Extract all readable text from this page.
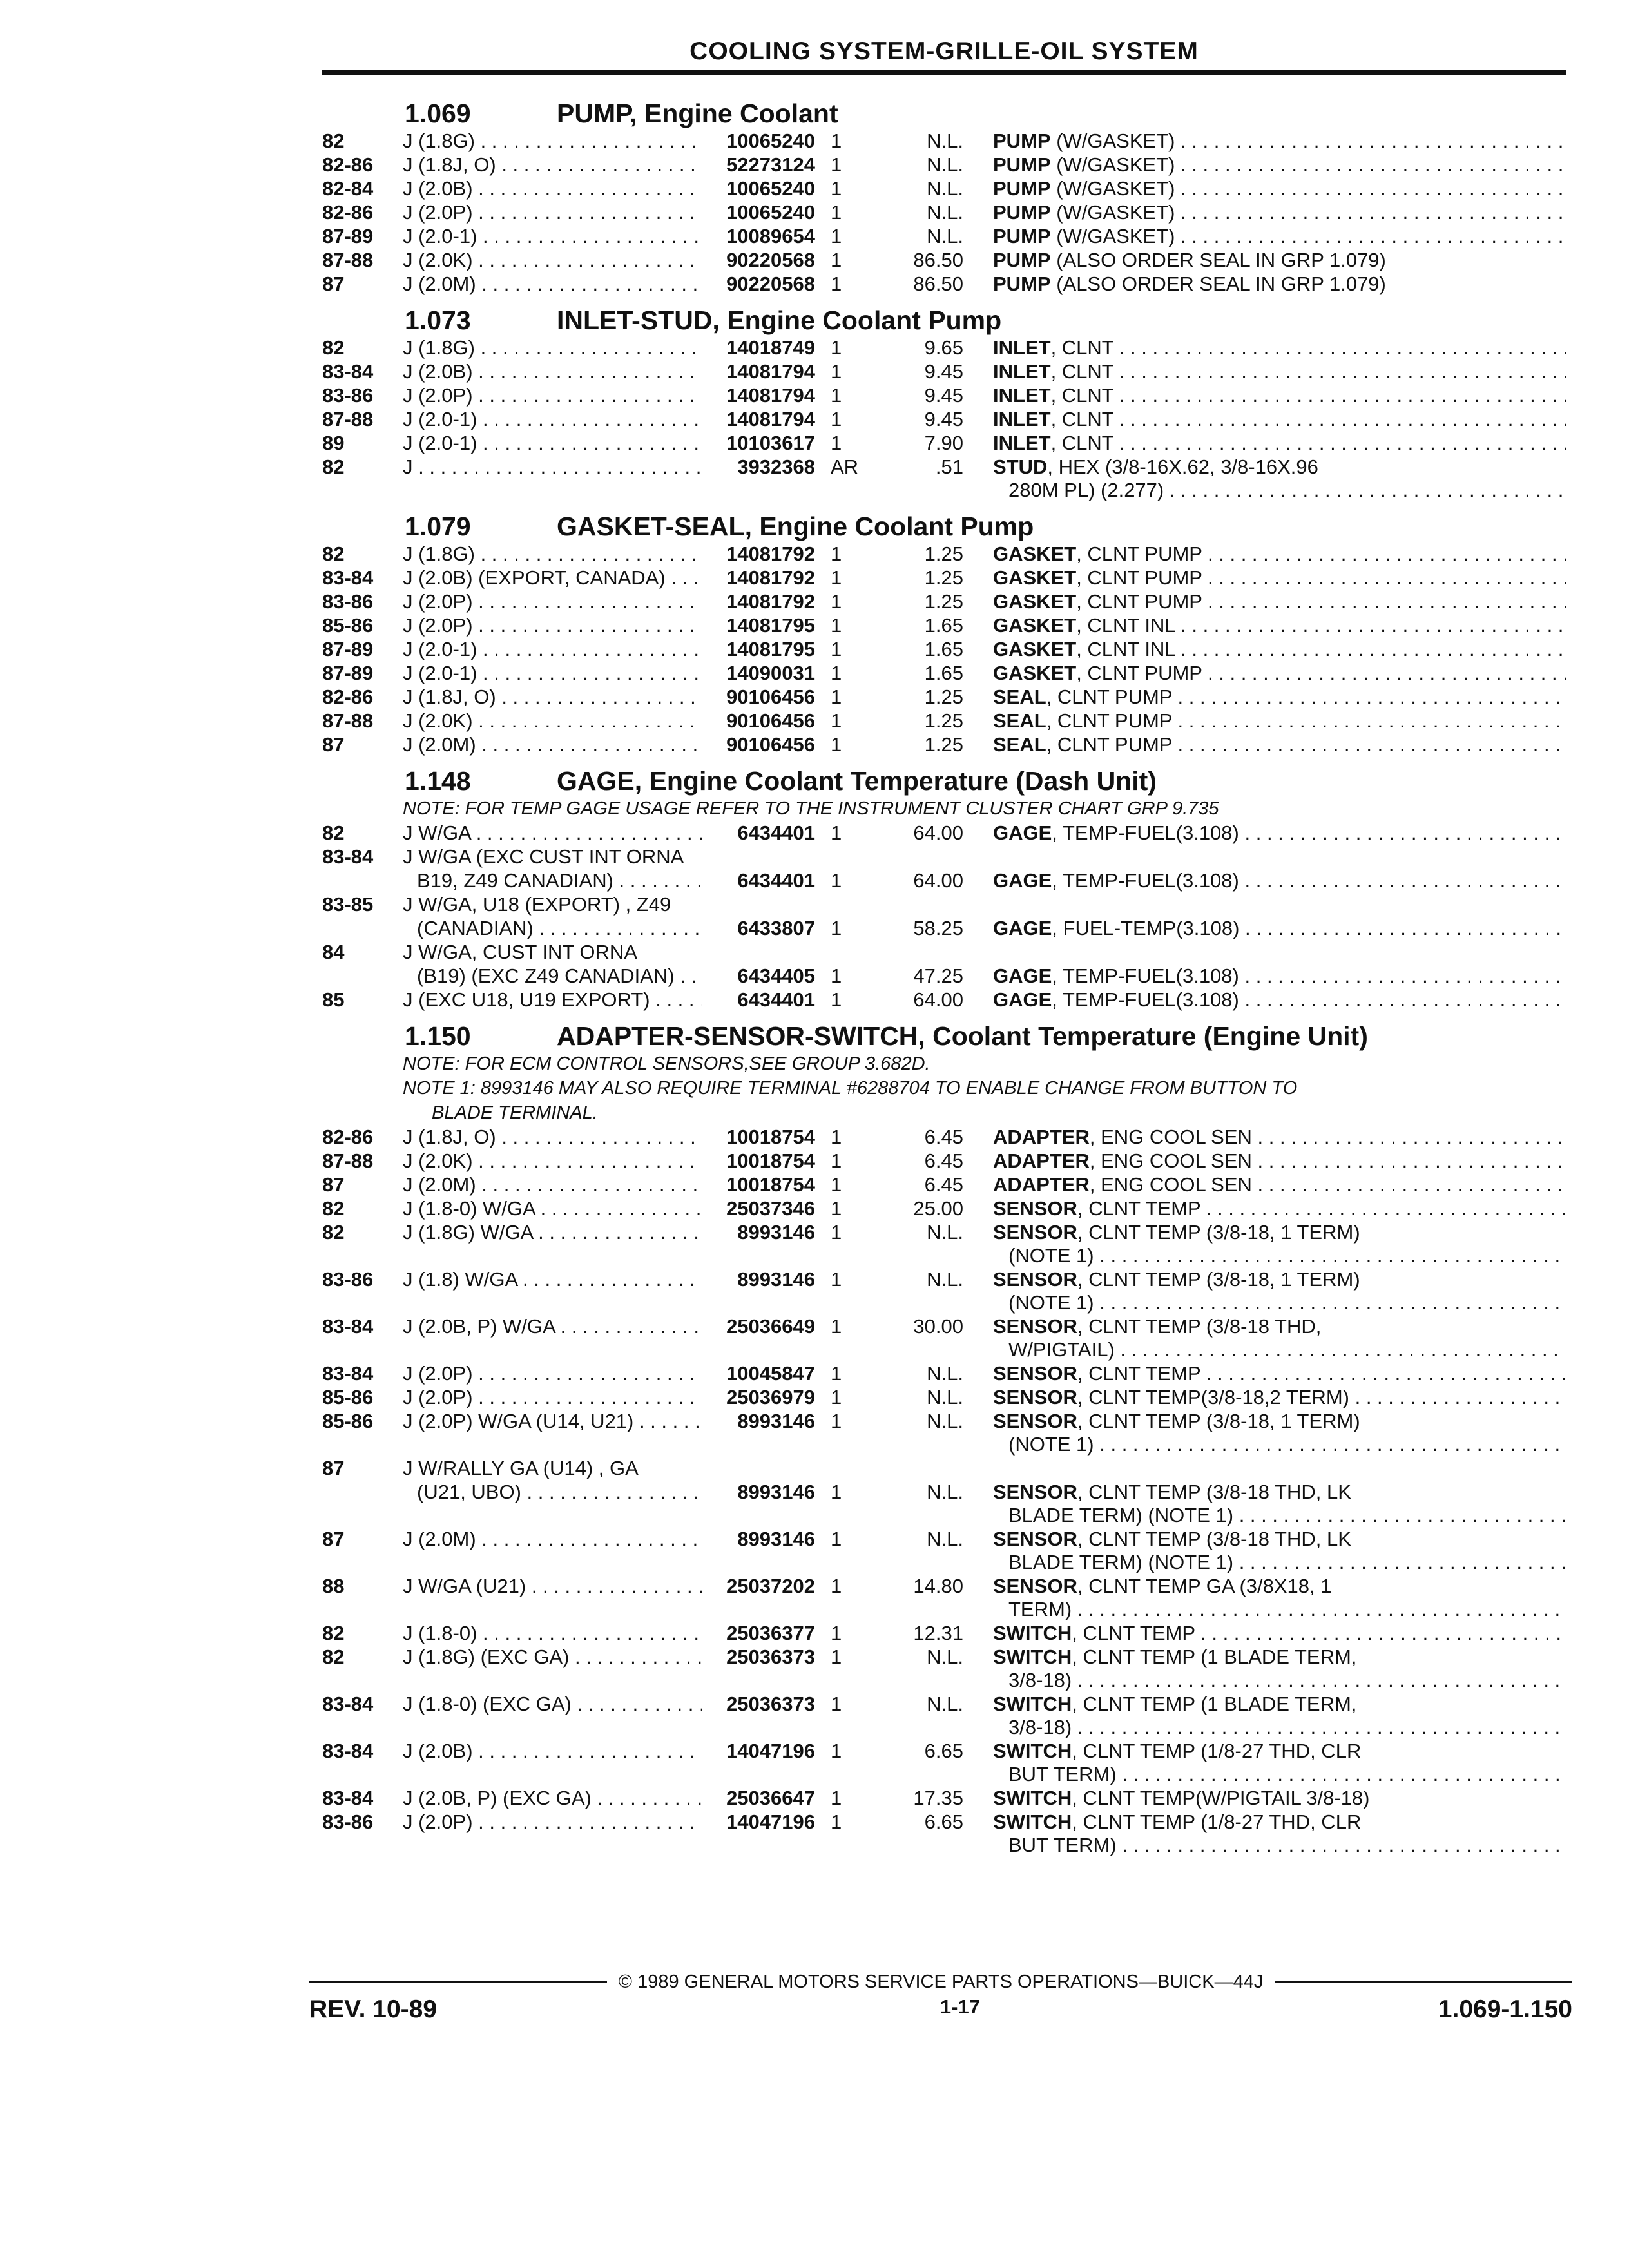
COOLING SYSTEM-GRILLE-OIL SYSTEM
1.069	PUMP, Engine Coolant
82	J (1.8G) . . .	10065240 1	N.L.	PUMP (W/GASKET) . . .
82-86	J (1.8J, O) . . .	52273124 1	N.L.	PUMP (W/GASKET) . . .
82-84	J (2.0B) . . .	10065240 1	N.L.	PUMP (W/GASKET) . . .
82-86	J (2.0P) . . .	10065240 1	N.L.	PUMP (W/GASKET) . . .
87-89	J (2.0-1) . . .	10089654 1	N.L.	PUMP (W/GASKET) . . .
87-88	J (2.0K) . . .	90220568 1	86.50	PUMP (ALSO ORDER SEAL IN GRP 1.079)
87	J (2.0M) . . .	90220568 1	86.50	PUMP (ALSO ORDER SEAL IN GRP 1.079)
1.073	INLET-STUD, Engine Coolant Pump
82	J (1.8G) . . .	14018749 1	9.65	INLET, CLNT . . .
83-84	J (2.0B) . . .	14081794 1	9.45	INLET, CLNT . . .
83-86	J (2.0P) . . .	14081794 1	9.45	INLET, CLNT . . .
87-88	J (2.0-1) . . .	14081794 1	9.45	INLET, CLNT . . .
89	J (2.0-1) . . .	10103617 1	7.90	INLET, CLNT . . .
82	J . . .	3932368 AR	.51	STUD, HEX (3/8-16X.62, 3/8-16X.96
280M PL) (2.277) . . .
1.079	GASKET-SEAL, Engine Coolant Pump
82	J (1.8G) . . .	14081792 1	1.25	GASKET, CLNT PUMP . . .
83-84	J (2.0B) (EXPORT, CANADA) . . .	14081792 1	1.25	GASKET, CLNT PUMP . . .
83-86	J (2.0P) . . .	14081792 1	1.25	GASKET, CLNT PUMP . . .
85-86	J (2.0P) . . .	14081795 1	1.65	GASKET, CLNT INL . . .
87-89	J (2.0-1) . . .	14081795 1	1.65	GASKET, CLNT INL . . .
87-89	J (2.0-1) . . .	14090031 1	1.65	GASKET, CLNT PUMP . . .
82-86	J (1.8J, O) . . .	90106456 1	1.25	SEAL, CLNT PUMP . . .
87-88	J (2.0K) . . .	90106456 1	1.25	SEAL, CLNT PUMP . . .
87	J (2.0M) . . .	90106456 1	1.25	SEAL, CLNT PUMP . . .
1.148	GAGE, Engine Coolant Temperature (Dash Unit)
NOTE: FOR TEMP GAGE USAGE REFER TO THE INSTRUMENT CLUSTER CHART GRP 9.735
82	J W/GA . . .	6434401 1	64.00	GAGE, TEMP-FUEL(3.108) . . .
83-84	J W/GA (EXC CUST INT ORNA
B19, Z49 CANADIAN) . . .	6434401 1	64.00	GAGE, TEMP-FUEL(3.108) . . .
83-85	J W/GA, U18 (EXPORT) , Z49
(CANADIAN) . . .	6433807 1	58.25	GAGE, FUEL-TEMP(3.108) . . .
84	J W/GA, CUST INT ORNA
(B19) (EXC Z49 CANADIAN) . . .	6434405 1	47.25	GAGE, TEMP-FUEL(3.108) . . .
85	J (EXC U18, U19 EXPORT) . . .	6434401 1	64.00	GAGE, TEMP-FUEL(3.108) . . .
1.150	ADAPTER-SENSOR-SWITCH, Coolant Temperature (Engine Unit)
NOTE: FOR ECM CONTROL SENSORS,SEE GROUP 3.682D.
NOTE 1: 8993146 MAY ALSO REQUIRE TERMINAL #6288704 TO ENABLE CHANGE FROM BUTTON TO
BLADE TERMINAL.
82-86	J (1.8J, O) . . .	10018754 1	6.45	ADAPTER, ENG COOL SEN . . .
87-88	J (2.0K) . . .	10018754 1	6.45	ADAPTER, ENG COOL SEN . . .
87	J (2.0M) . . .	10018754 1	6.45	ADAPTER, ENG COOL SEN . . .
82	J (1.8-0) W/GA . . .	25037346 1	25.00	SENSOR, CLNT TEMP . . .
82	J (1.8G) W/GA . . .	8993146 1	N.L.	SENSOR, CLNT TEMP (3/8-18, 1 TERM)
(NOTE 1) . . .
83-86	J (1.8) W/GA . . .	8993146 1	N.L.	SENSOR, CLNT TEMP (3/8-18, 1 TERM)
(NOTE 1) . . .
83-84	J (2.0B, P) W/GA . . .	25036649 1	30.00	SENSOR, CLNT TEMP (3/8-18 THD,
W/PIGTAIL) . . .
83-84	J (2.0P) . . .	10045847 1	N.L.	SENSOR, CLNT TEMP . . .
85-86	J (2.0P) . . .	25036979 1	N.L.	SENSOR, CLNT TEMP(3/8-18,2 TERM) . . .
85-86	J (2.0P) W/GA (U14, U21) . . .	8993146 1	N.L.	SENSOR, CLNT TEMP (3/8-18, 1 TERM)
(NOTE 1) . . .
87	J W/RALLY GA (U14) , GA
(U21, UBO) . . .	8993146 1	N.L.	SENSOR, CLNT TEMP (3/8-18 THD, LK
BLADE TERM) (NOTE 1) . . .
87	J (2.0M) . . .	8993146 1	N.L.	SENSOR, CLNT TEMP (3/8-18 THD, LK
BLADE TERM) (NOTE 1) . . .
88	J W/GA (U21) . . .	25037202 1	14.80	SENSOR, CLNT TEMP GA (3/8X18, 1
TERM) . . .
82	J (1.8-0) . . .	25036377 1	12.31	SWITCH, CLNT TEMP . . .
82	J (1.8G) (EXC GA) . . .	25036373 1	N.L.	SWITCH, CLNT TEMP (1 BLADE TERM,
3/8-18) . . .
83-84	J (1.8-0) (EXC GA) . . .	25036373 1	N.L.	SWITCH, CLNT TEMP (1 BLADE TERM,
3/8-18) . . .
83-84	J (2.0B) . . .	14047196 1	6.65	SWITCH, CLNT TEMP (1/8-27 THD, CLR
BUT TERM) . . .
83-84	J (2.0B, P) (EXC GA) . . .	25036647 1	17.35	SWITCH, CLNT TEMP(W/PIGTAIL 3/8-18)
83-86	J (2.0P) . . .	14047196 1	6.65	SWITCH, CLNT TEMP (1/8-27 THD, CLR
BUT TERM) . . .
© 1989 GENERAL MOTORS SERVICE PARTS OPERATIONS—BUICK—44J
REV. 10-89	1-17	1.069-1.150
